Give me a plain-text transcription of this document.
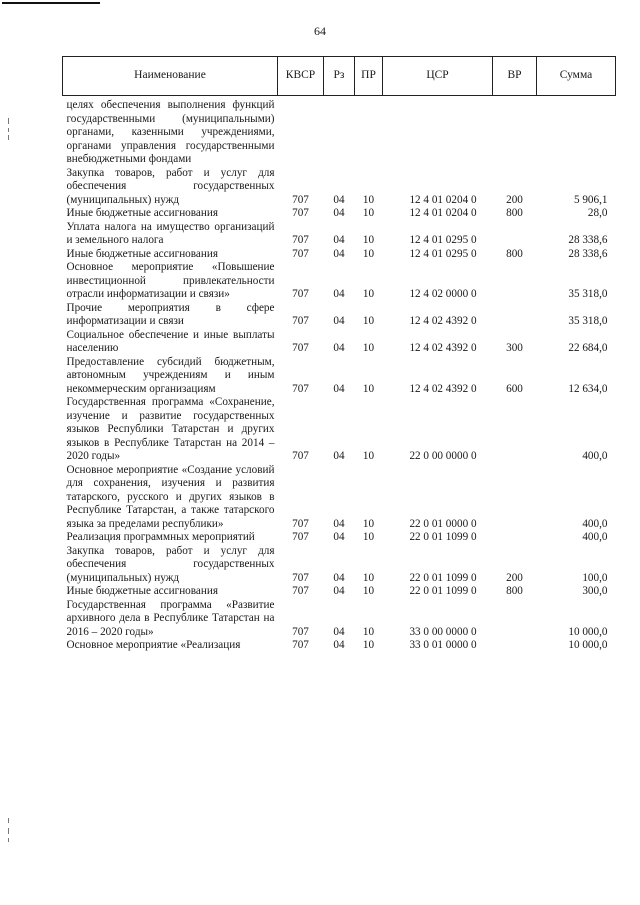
64
Наименование	КВСР	Рз	ПР	ЦСР	ВР	Сумма
целях обеспечения выполнения функций государственными (муниципальными) органами, казенными учреждениями, органами управления государственными внебюджетными фондами						
Закупка товаров, работ и услуг для обеспечения государственных (муниципальных) нужд	707	04	10	12 4 01 0204 0	200	5 906,1
Иные бюджетные ассигнования	707	04	10	12 4 01 0204 0	800	28,0
Уплата налога на имущество организаций и земельного налога	707	04	10	12 4 01 0295 0		28 338,6
Иные бюджетные ассигнования	707	04	10	12 4 01 0295 0	800	28 338,6
Основное мероприятие «Повышение инвестиционной привлекательности отрасли информатизации и связи»	707	04	10	12 4 02 0000 0		35 318,0
Прочие мероприятия в сфере информатизации и связи	707	04	10	12 4 02 4392 0		35 318,0
Социальное обеспечение и иные выплаты населению	707	04	10	12 4 02 4392 0	300	22 684,0
Предоставление субсидий бюджетным, автономным учреждениям и иным некоммерческим организациям	707	04	10	12 4 02 4392 0	600	12 634,0
Государственная программа «Сохранение, изучение и развитие государственных языков Республики Татарстан и других языков в Республике Татарстан на 2014 – 2020 годы»	707	04	10	22 0 00 0000 0		400,0
Основное мероприятие «Создание условий для сохранения, изучения и развития татарского, русского и других языков в Республике Татарстан, а также татарского языка за пределами республики»	707	04	10	22 0 01 0000 0		400,0
Реализация программных мероприятий	707	04	10	22 0 01 1099 0		400,0
Закупка товаров, работ и услуг для обеспечения государственных (муниципальных) нужд	707	04	10	22 0 01 1099 0	200	100,0
Иные бюджетные ассигнования	707	04	10	22 0 01 1099 0	800	300,0
Государственная программа «Развитие архивного дела в Республике Татарстан на 2016 – 2020 годы»	707	04	10	33 0 00 0000 0		10 000,0
Основное мероприятие «Реализация	707	04	10	33 0 01 0000 0		10 000,0
